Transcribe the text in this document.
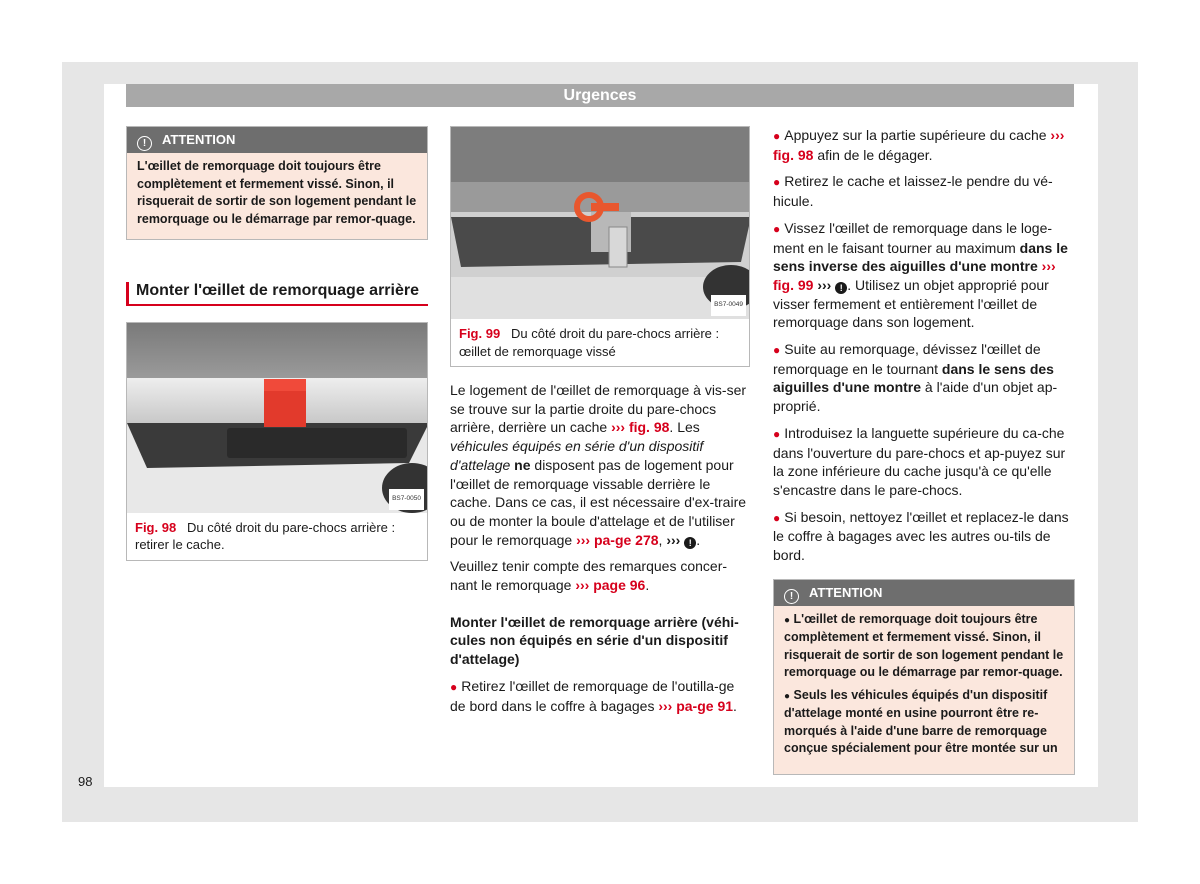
Urgences
! ATTENTION

L'œillet de remorquage doit toujours être complètement et fermement vissé. Sinon, il risquerait de sortir de son logement pendant le remorquage ou le démarrage par remor-quage.

Monter l'œillet de remorquage arrière
BS7-0050
Fig. 98 Du côté droit du pare-chocs arrière : retirer le cache.
BS7-0049
Fig. 99 Du côté droit du pare-chocs arrière : œillet de remorquage vissé

Le logement de l'œillet de remorquage à vis-ser se trouve sur la partie droite du pare-chocs arrière, derrière un cache ››› fig. 98. Les véhicules équipés en série d'un dispositif d'attelage ne disposent pas de logement pour l'œillet de remorquage vissable derrière le cache. Dans ce cas, il est nécessaire d'ex-traire ou de monter la boule d'attelage et de l'utiliser pour le remorquage ››› pa-ge 278, ››› ! .

Veuillez tenir compte des remarques concer-nant le remorquage ››› page 96.

Monter l'œillet de remorquage arrière (véhi-cules non équipés en série d'un dispositif d'attelage)

● Retirez l'œillet de remorquage de l'outilla-ge de bord dans le coffre à bagages ››› pa-ge 91.

● Appuyez sur la partie supérieure du cache ››› fig. 98 afin de le dégager.

● Retirez le cache et laissez-le pendre du vé-hicule.

● Vissez l'œillet de remorquage dans le loge-ment en le faisant tourner au maximum dans le sens inverse des aiguilles d'une montre ››› fig. 99 ››› ! . Utilisez un objet approprié pour visser fermement et entièrement l'œillet de remorquage dans son logement.

● Suite au remorquage, dévissez l'œillet de remorquage en le tournant dans le sens des aiguilles d'une montre à l'aide d'un objet ap-proprié.

● Introduisez la languette supérieure du ca-che dans l'ouverture du pare-chocs et ap-puyez sur la zone inférieure du cache jusqu'à ce qu'elle s'encastre dans le pare-chocs.

● Si besoin, nettoyez l'œillet et replacez-le dans le coffre à bagages avec les autres ou-tils de bord.

! ATTENTION

● L'œillet de remorquage doit toujours être complètement et fermement vissé. Sinon, il risquerait de sortir de son logement pendant le remorquage ou le démarrage par remor-quage.

● Seuls les véhicules équipés d'un dispositif d'attelage monté en usine pourront être re-morqués à l'aide d'une barre de remorquage conçue spécialement pour être montée sur un

98
